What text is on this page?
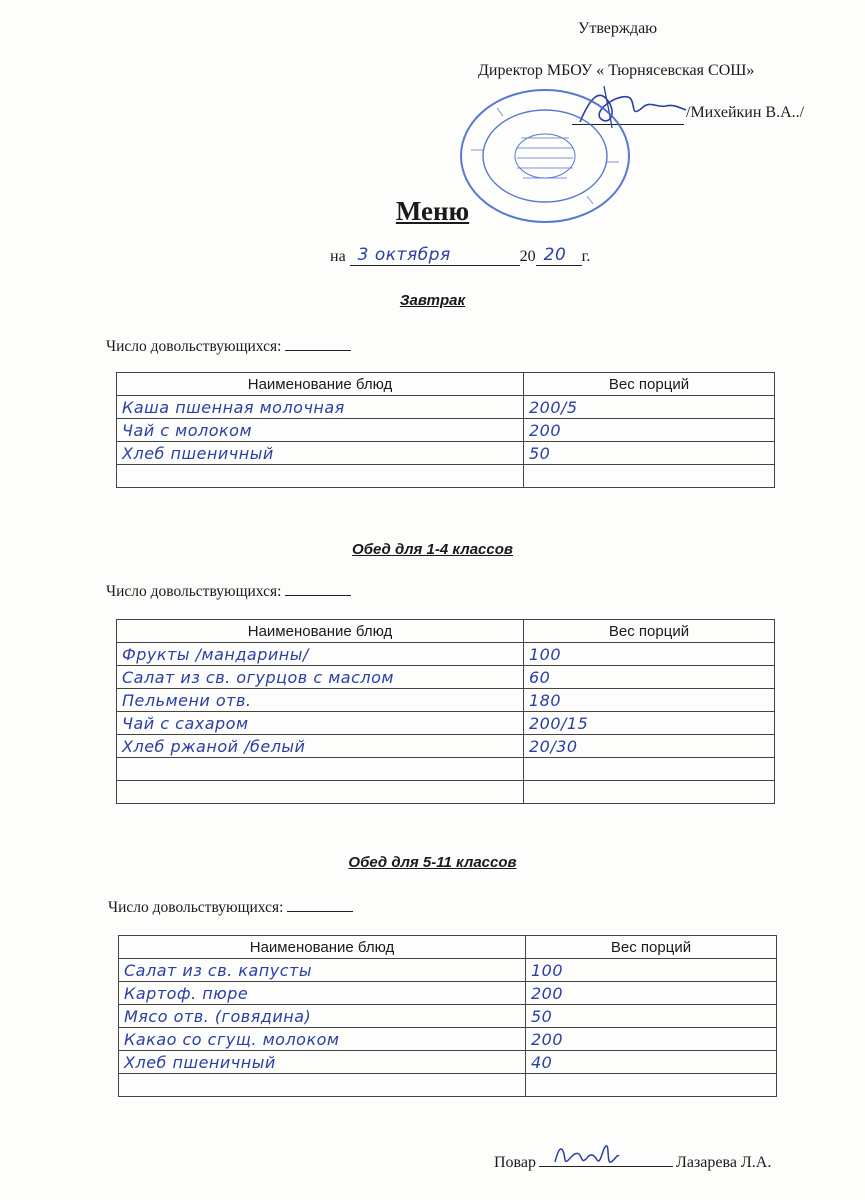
Утверждаю
Директор МБОУ « Тюрнясевская СОШ»
/Михейкин В.А../
Меню
на 3 октября	20 20 г.
Завтрак
Число довольствующихся:
Наименование блюд	Вес порций
Каша пшенная молочная	200/5
Чай с молоком	200
Хлеб пшеничный	50

Обед для 1-4 классов
Число довольствующихся:
Наименование блюд	Вес порций
Фрукты /мандарины/	100
Салат из св. огурцов с маслом	60
Пельмени отв.	180
Чай с сахаром	200/15
Хлеб ржаной /белый	20/30

Обед для 5-11 классов
Число довольствующихся:
Наименование блюд	Вес порций
Салат из св. капусты	100
Картоф. пюре	200
Мясо отв. (говядина)	50
Какао со сгущ. молоком	200
Хлеб пшеничный	40

Повар	Лазарева Л.А.
